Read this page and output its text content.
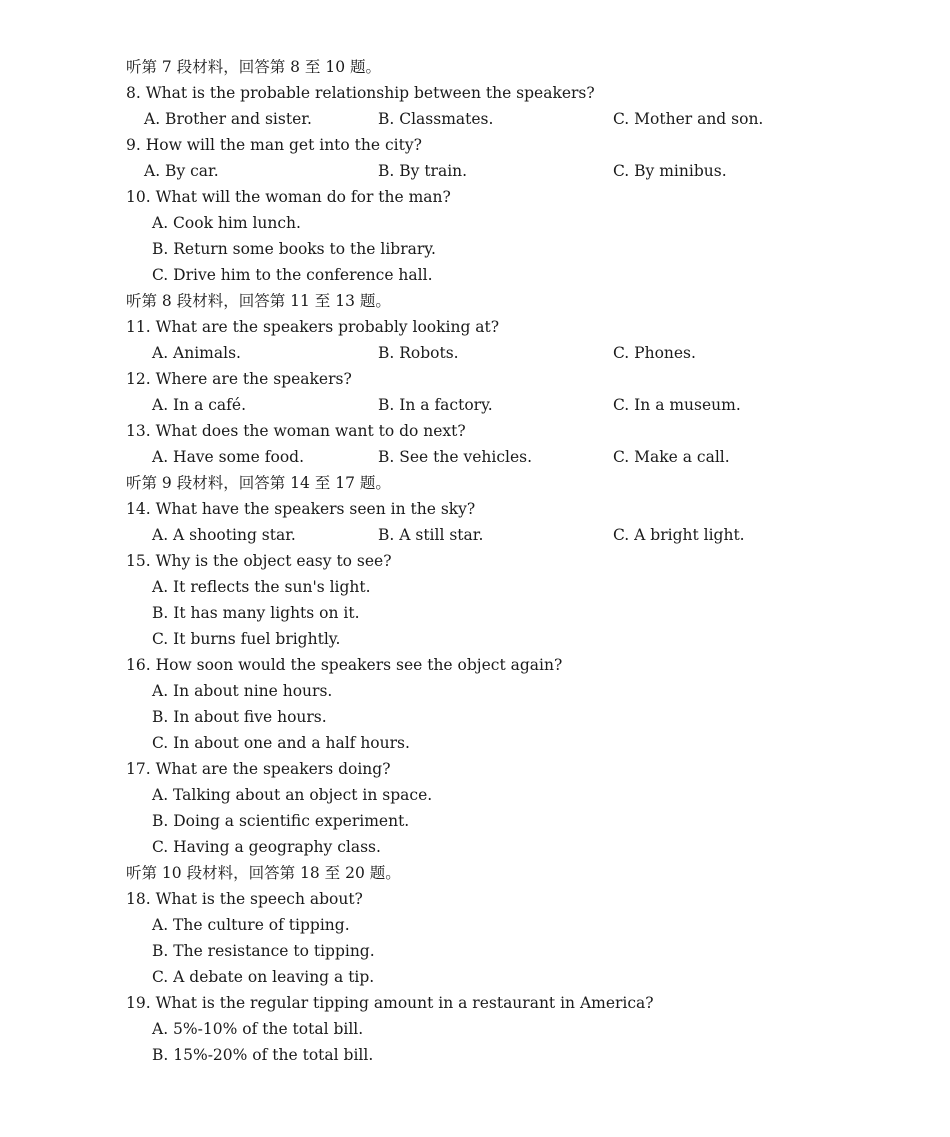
听第 7 段材料，回答第 8 至 10 题。
8. What is the probable relationship between the speakers?
A. Brother and sister.	B. Classmates.	C. Mother and son.
9. How will the man get into the city?
A. By car.	B. By train.	C. By minibus.
10. What will the woman do for the man?
A. Cook him lunch.
B. Return some books to the library.
C. Drive him to the conference hall.
听第 8 段材料，回答第 11 至 13 题。
11. What are the speakers probably looking at?
A. Animals.	B. Robots.	C. Phones.
12. Where are the speakers?
A. In a café.	B. In a factory.	C. In a museum.
13. What does the woman want to do next?
A. Have some food.	B. See the vehicles.	C. Make a call.
听第 9 段材料，回答第 14 至 17 题。
14. What have the speakers seen in the sky?
A. A shooting star.	B. A still star.	C. A bright light.
15. Why is the object easy to see?
A. It reflects the sun's light.
B. It has many lights on it.
C. It burns fuel brightly.
16. How soon would the speakers see the object again?
A. In about nine hours.
B. In about five hours.
C. In about one and a half hours.
17. What are the speakers doing?
A. Talking about an object in space.
B. Doing a scientific experiment.
C. Having a geography class.
听第 10 段材料，回答第 18 至 20 题。
18. What is the speech about?
A. The culture of tipping.
B. The resistance to tipping.
C. A debate on leaving a tip.
19. What is the regular tipping amount in a restaurant in America?
A. 5%-10% of the total bill.
B. 15%-20% of the total bill.
